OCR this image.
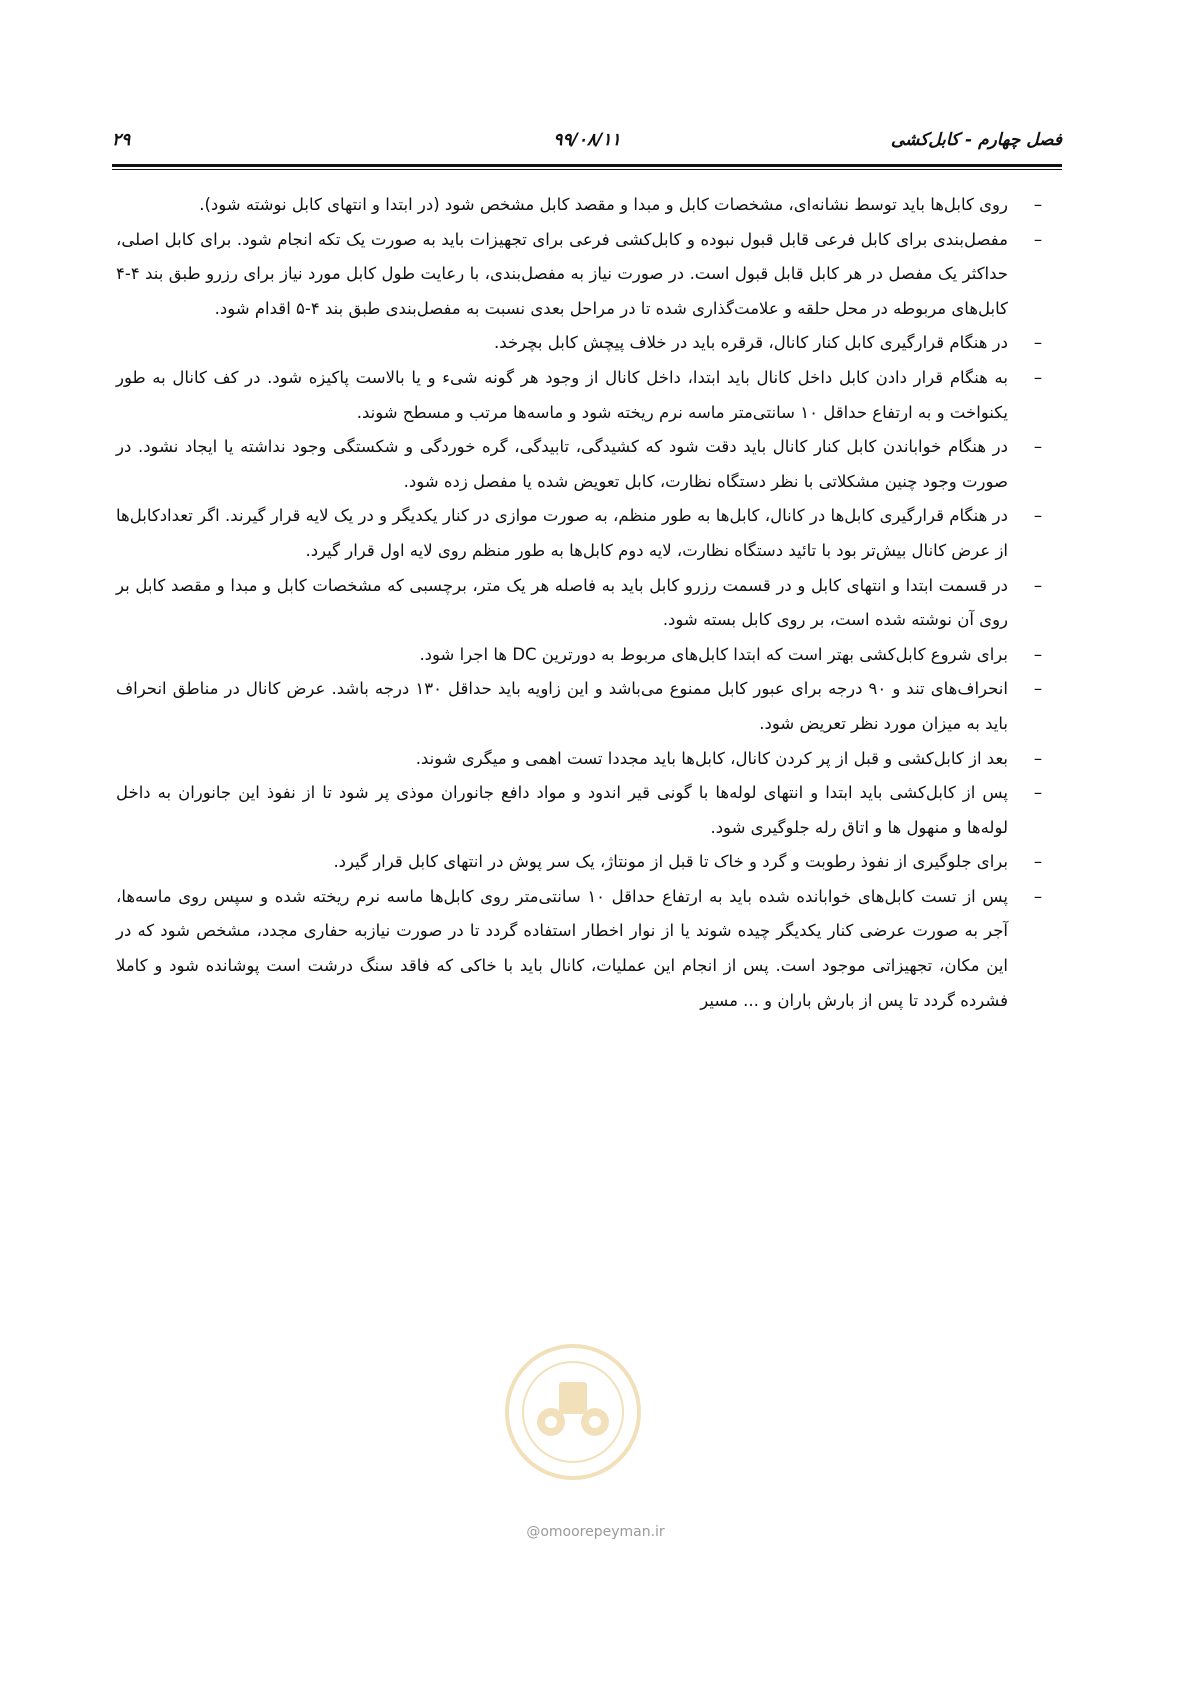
فصل چهارم - کابل‌کشی
۹۹/۰۸/۱۱
۲۹

–
روی کابل‌ها باید توسط نشانه‌ای، مشخصات کابل و مبدا و مقصد کابل مشخص شود (در ابتدا و انتهای کابل نوشته شود).

–
مفصل‌بندی برای کابل فرعی قابل قبول نبوده و کابل‌کشی فرعی برای تجهیزات باید به صورت یک تکه انجام شود. برای کابل اصلی، حداکثر یک مفصل در هر کابل قابل قبول است. در صورت نیاز به مفصل‌بندی، با رعایت طول کابل مورد نیاز برای رزرو طبق بند ۴-۴ کابل‌های مربوطه در محل حلقه و علامت‌گذاری شده تا در مراحل بعدی نسبت به مفصل‌بندی طبق بند ۴-۵ اقدام شود.

–
در هنگام قرارگیری کابل کنار کانال، قرقره باید در خلاف پیچش کابل بچرخد.

–
به هنگام قرار دادن کابل داخل کانال باید ابتدا، داخل کانال از وجود هر گونه شیء و یا بالاست پاکیزه شود. در کف کانال به طور یکنواخت و به ارتفاع حداقل ۱۰ سانتی‌متر ماسه نرم ریخته شود و ماسه‌ها مرتب و مسطح شوند.

–
در هنگام خواباندن کابل کنار کانال باید دقت شود که کشیدگی، تابیدگی، گره خوردگی و شکستگی وجود نداشته یا ایجاد نشود. در صورت وجود چنین مشکلاتی با نظر دستگاه نظارت، کابل تعویض شده یا مفصل زده شود.

–
در هنگام قرارگیری کابل‌ها در کانال، کابل‌ها به طور منظم، به صورت موازی در کنار یکدیگر و در یک لایه قرار گیرند. اگر تعدادکابل‌ها از عرض کانال بیش‌تر بود با تائید دستگاه نظارت، لایه دوم کابل‌ها به طور منظم روی لایه اول قرار گیرد.

–
در قسمت ابتدا و انتهای کابل و در قسمت رزرو کابل باید به فاصله هر یک متر، برچسبی که مشخصات کابل و مبدا و مقصد کابل بر روی آن نوشته شده است، بر روی کابل بسته شود.

–
برای شروع کابل‌کشی بهتر است که ابتدا کابل‌های مربوط به دورترین DC ها اجرا شود.

–
انحراف‌های تند و ۹۰ درجه برای عبور کابل ممنوع می‌باشد و این زاویه باید حداقل ۱۳۰ درجه باشد. عرض کانال در مناطق انحراف باید به میزان مورد نظر تعریض شود.

–
بعد از کابل‌کشی و قبل از پر کردن کانال، کابل‌ها باید مجددا تست اهمی و میگری شوند.

–
پس از کابل‌کشی باید ابتدا و انتهای لوله‌ها با گونی قیر اندود و مواد دافع جانوران موذی پر شود تا از نفوذ این جانوران به داخل لوله‌ها و منهول ها و اتاق رله جلوگیری شود.

–
برای جلوگیری از نفوذ رطوبت و گرد و خاک تا قبل از مونتاژ، یک سر پوش در انتهای کابل قرار گیرد.

–
پس از تست کابل‌های خوابانده شده باید به ارتفاع حداقل ۱۰ سانتی‌متر روی کابل‌ها ماسه نرم ریخته شده و سپس روی ماسه‌ها، آجر به صورت عرضی کنار یکدیگر چیده شوند یا از نوار اخطار استفاده گردد تا در صورت نیازبه حفاری مجدد، مشخص شود که در این مکان، تجهیزاتی موجود است. پس از انجام این عملیات، کانال باید با خاکی که فاقد سنگ درشت است پوشانده شود و کاملا فشرده گردد تا پس از بارش باران و ... مسیر

@omoorepeyman.ir
